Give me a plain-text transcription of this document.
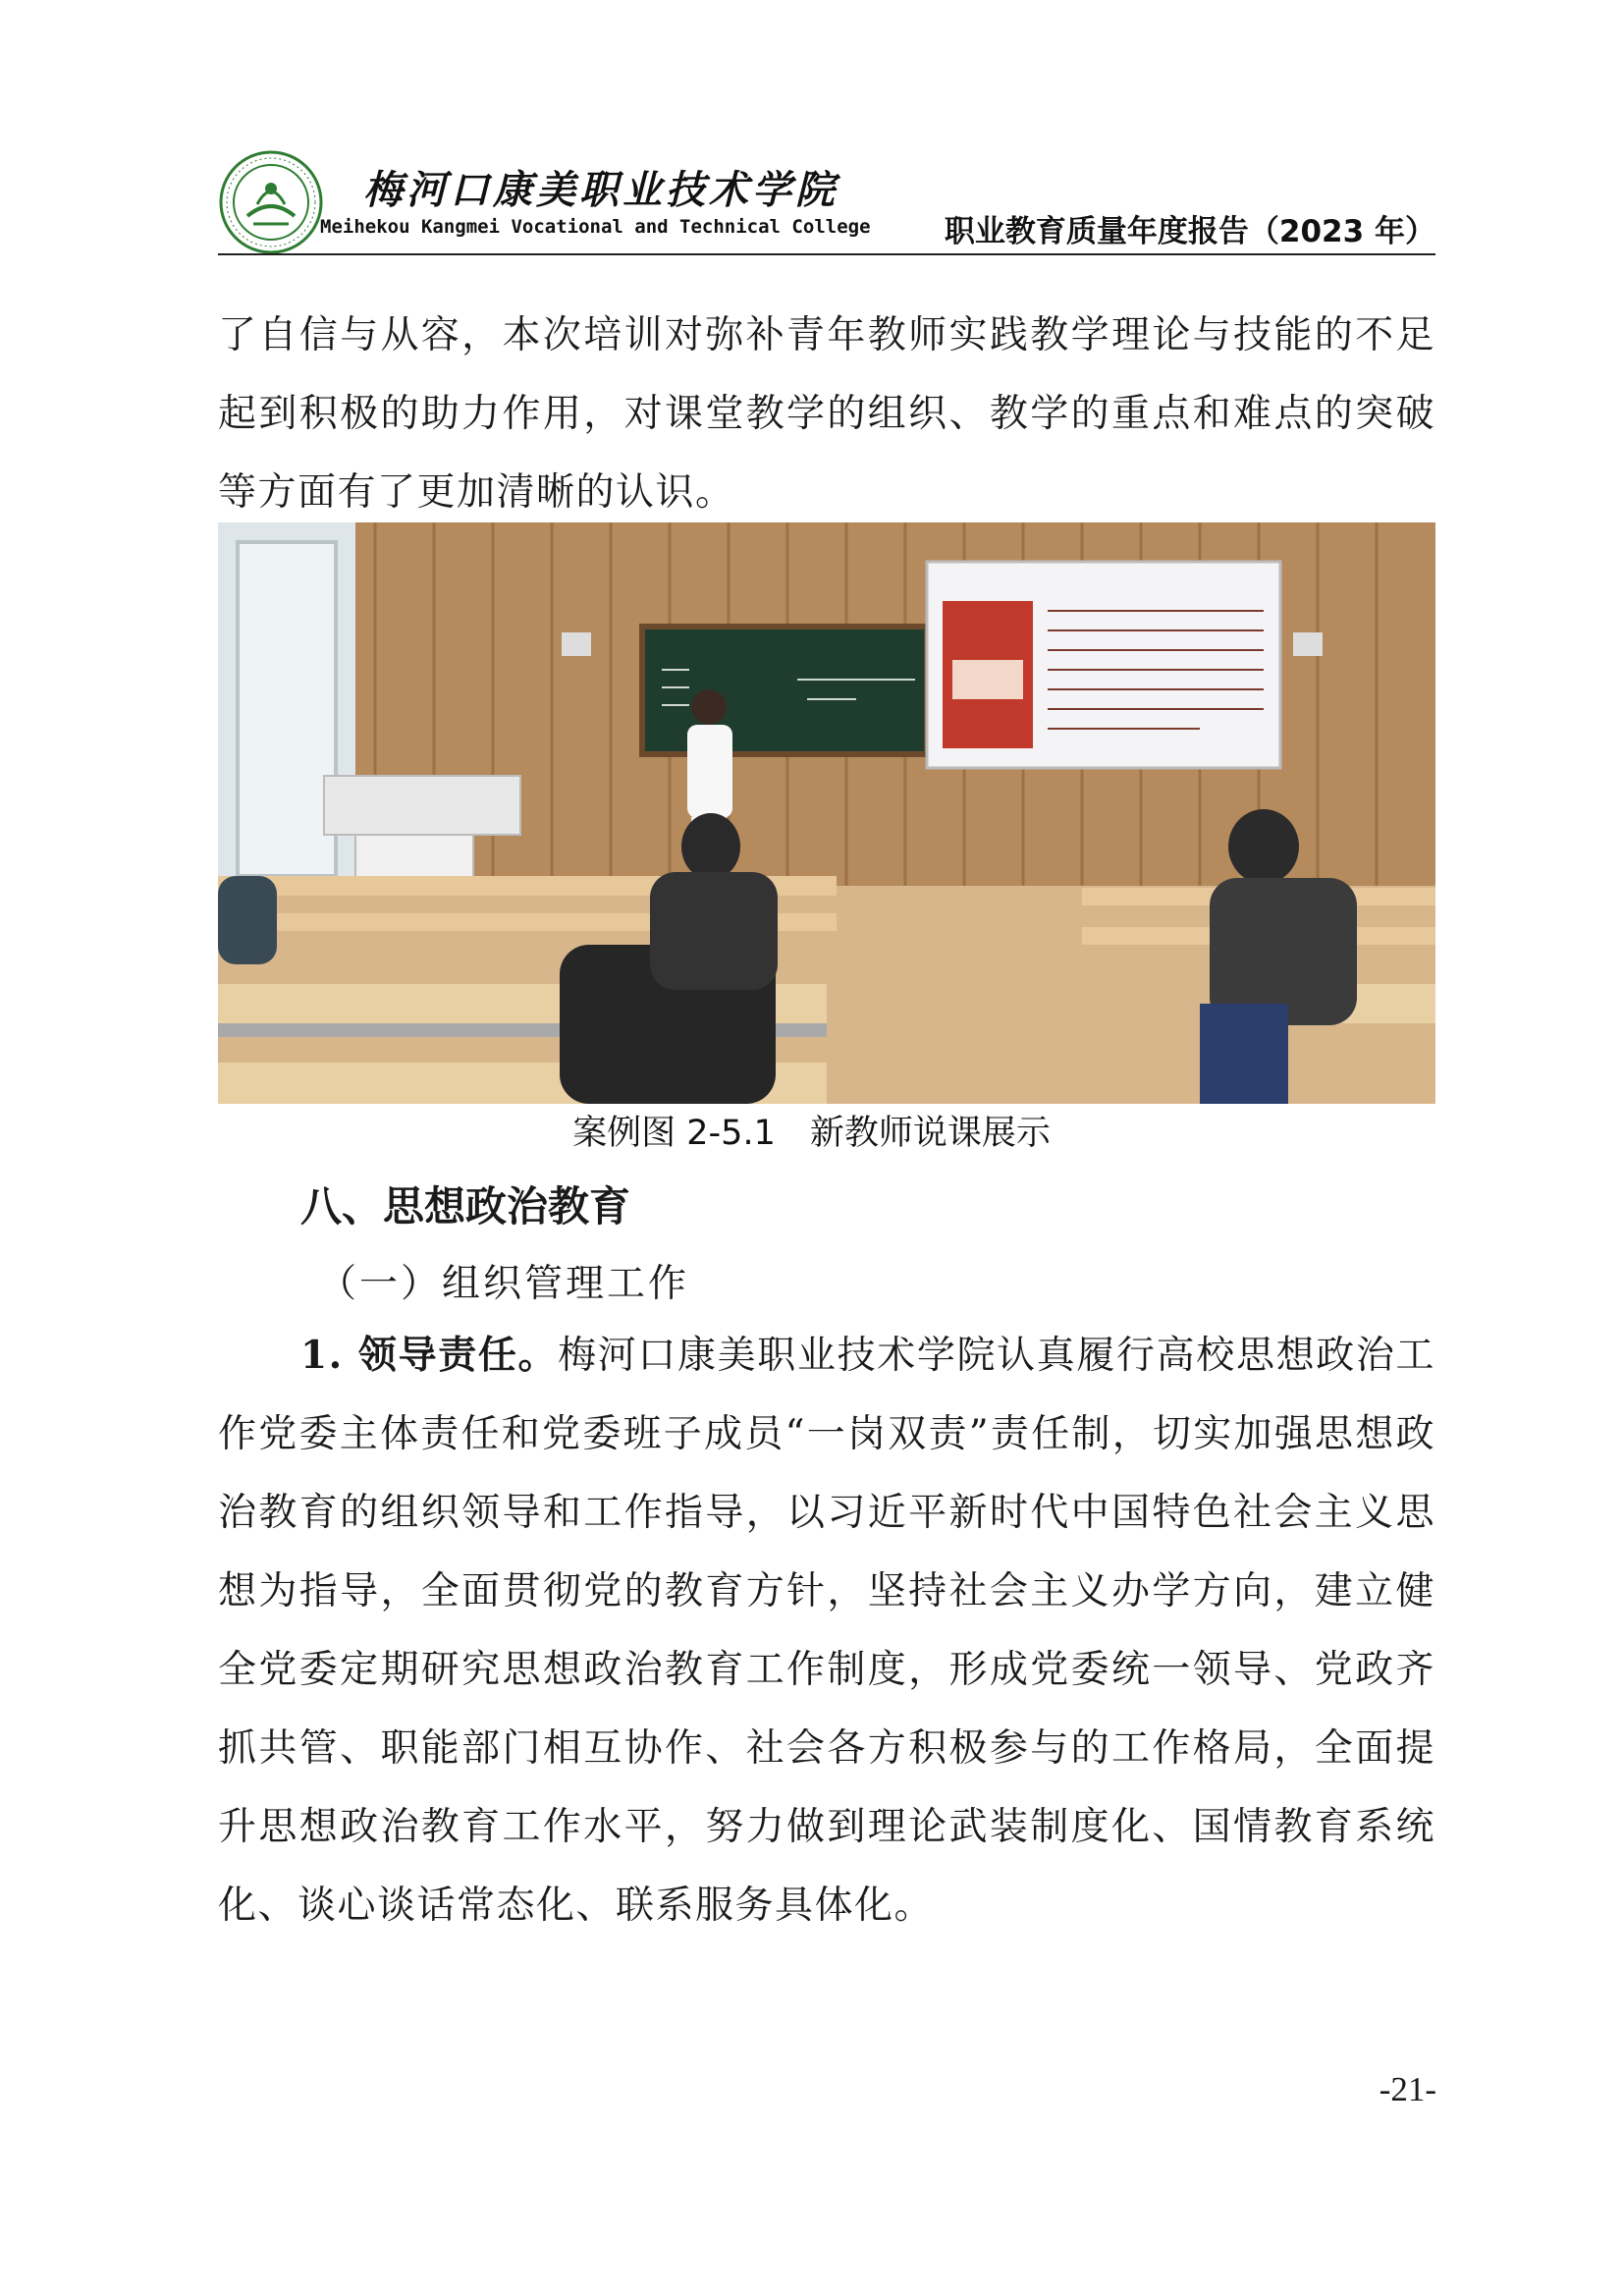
梅河口康美职业技术学院
Meihekou Kangmei Vocational and Technical College 职业教育质量年度报告（2023 年）
了自信与从容，本次培训对弥补青年教师实践教学理论与技能的不足起到积极的助力作用，对课堂教学的组织、教学的重点和难点的突破等方面有了更加清晰的认识。
案例图 2-5.1　新教师说课展示
八、思想政治教育
（一）组织管理工作
1. 领导责任。梅河口康美职业技术学院认真履行高校思想政治工作党委主体责任和党委班子成员“一岗双责”责任制，切实加强思想政治教育的组织领导和工作指导，以习近平新时代中国特色社会主义思想为指导，全面贯彻党的教育方针，坚持社会主义办学方向，建立健全党委定期研究思想政治教育工作制度，形成党委统一领导、党政齐抓共管、职能部门相互协作、社会各方积极参与的工作格局，全面提升思想政治教育工作水平，努力做到理论武装制度化、国情教育系统化、谈心谈话常态化、联系服务具体化。
-21-
